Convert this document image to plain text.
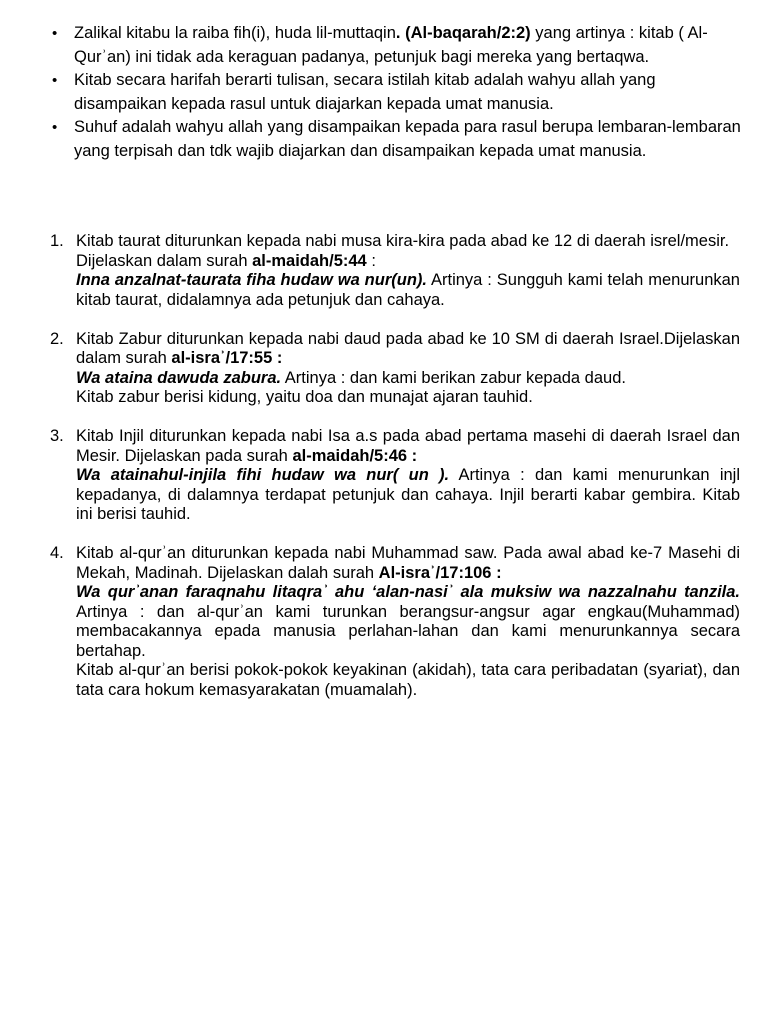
• Zalikal kitabu la raiba fih(i), huda lil-muttaqin. (Al-baqarah/2:2) yang artinya : kitab ( Al-Qurʾan) ini tidak ada keraguan padanya, petunjuk bagi mereka yang bertaqwa.
• Kitab secara harifah berarti tulisan, secara istilah kitab adalah wahyu allah yang disampaikan kepada rasul untuk diajarkan kepada umat manusia.
• Suhuf adalah wahyu allah yang disampaikan kepada para rasul berupa lembaran-lembaran yang terpisah dan tdk wajib diajarkan dan disampaikan kepada umat manusia.
1. Kitab taurat diturunkan kepada nabi musa kira-kira pada abad ke 12 di daerah isrel/mesir.

Dijelaskan dalam surah al-maidah/5:44 :

Inna anzalnat-taurata fiha hudaw wa nur(un). Artinya : Sungguh kami telah menurunkan kitab taurat, didalamnya ada petunjuk dan cahaya.

2. Kitab Zabur diturunkan kepada nabi daud pada abad ke 10 SM di daerah Israel.Dijelaskan dalam surah al-israʾ/17:55 :

Wa ataina dawuda zabura. Artinya : dan kami berikan zabur kepada daud.

Kitab zabur berisi kidung, yaitu doa dan munajat ajaran tauhid.

3. Kitab Injil diturunkan kepada nabi Isa a.s pada abad pertama masehi di daerah Israel dan Mesir. Dijelaskan pada surah al-maidah/5:46 :

Wa atainahul-injila fihi hudaw wa nur( un ). Artinya : dan kami menurunkan injl kepadanya, di dalamnya terdapat petunjuk dan cahaya. Injil berarti kabar gembira. Kitab ini berisi tauhid.

4. Kitab al-qurʾan diturunkan kepada nabi Muhammad saw. Pada awal abad ke-7 Masehi di Mekah, Madinah. Dijelaskan dalah surah Al-israʾ/17:106 :

Wa qurʾanan faraqnahu litaqraʾ ahu ‘alan-nasiʾ ala muksiw wa nazzalnahu tanzila. Artinya : dan al-qurʾan kami turunkan berangsur-angsur agar engkau(Muhammad) membacakannya epada manusia perlahan-lahan dan kami menurunkannya secara bertahap.

Kitab al-qurʾan berisi pokok-pokok keyakinan (akidah), tata cara peribadatan (syariat), dan tata cara hokum kemasyarakatan (muamalah).
